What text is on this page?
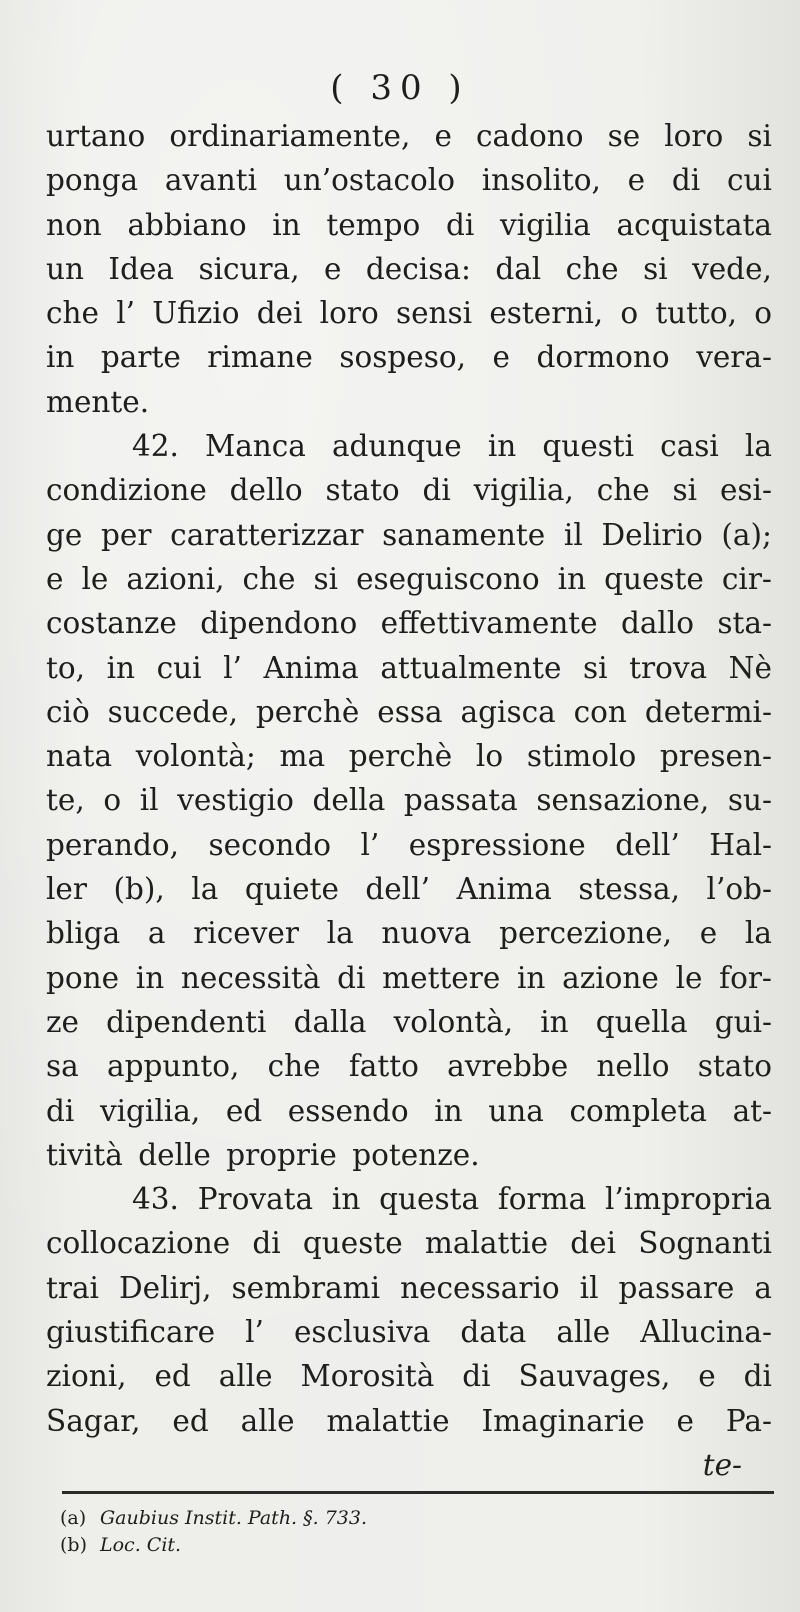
( 30 )
urtano ordinariamente, e cadono se loro si
ponga avanti un’ostacolo insolito, e di cui
non abbiano in tempo di vigilia acquistata
un Idea sicura, e decisa: dal che si vede,
che l’ Ufizio dei loro sensi esterni, o tutto, o
in parte rimane sospeso, e dormono vera-
mente.
42. Manca adunque in questi casi la
condizione dello stato di vigilia, che si esi-
ge per caratterizzar sanamente il Delirio (a);
e le azioni, che si eseguiscono in queste cir-
costanze dipendono effettivamente dallo sta-
to, in cui l’ Anima attualmente si trova Nè
ciò succede, perchè essa agisca con determi-
nata volontà; ma perchè lo stimolo presen-
te, o il vestigio della passata sensazione, su-
perando, secondo l’ espressione dell’ Hal-
ler (b), la quiete dell’ Anima stessa, l’ob-
bliga a ricever la nuova percezione, e la
pone in necessità di mettere in azione le for-
ze dipendenti dalla volontà, in quella gui-
sa appunto, che fatto avrebbe nello stato
di vigilia, ed essendo in una completa at-
tività delle proprie potenze.
43. Provata in questa forma l’impropria
collocazione di queste malattie dei Sognanti
trai Delirj, sembrami necessario il passare a
giustificare l’ esclusiva data alle Allucina-
zioni, ed alle Morosità di Sauvages, e di
Sagar, ed alle malattie Imaginarie e Pa-
te-
(a) Gaubius Instit. Path. §. 733.
(b) Loc. Cit.
